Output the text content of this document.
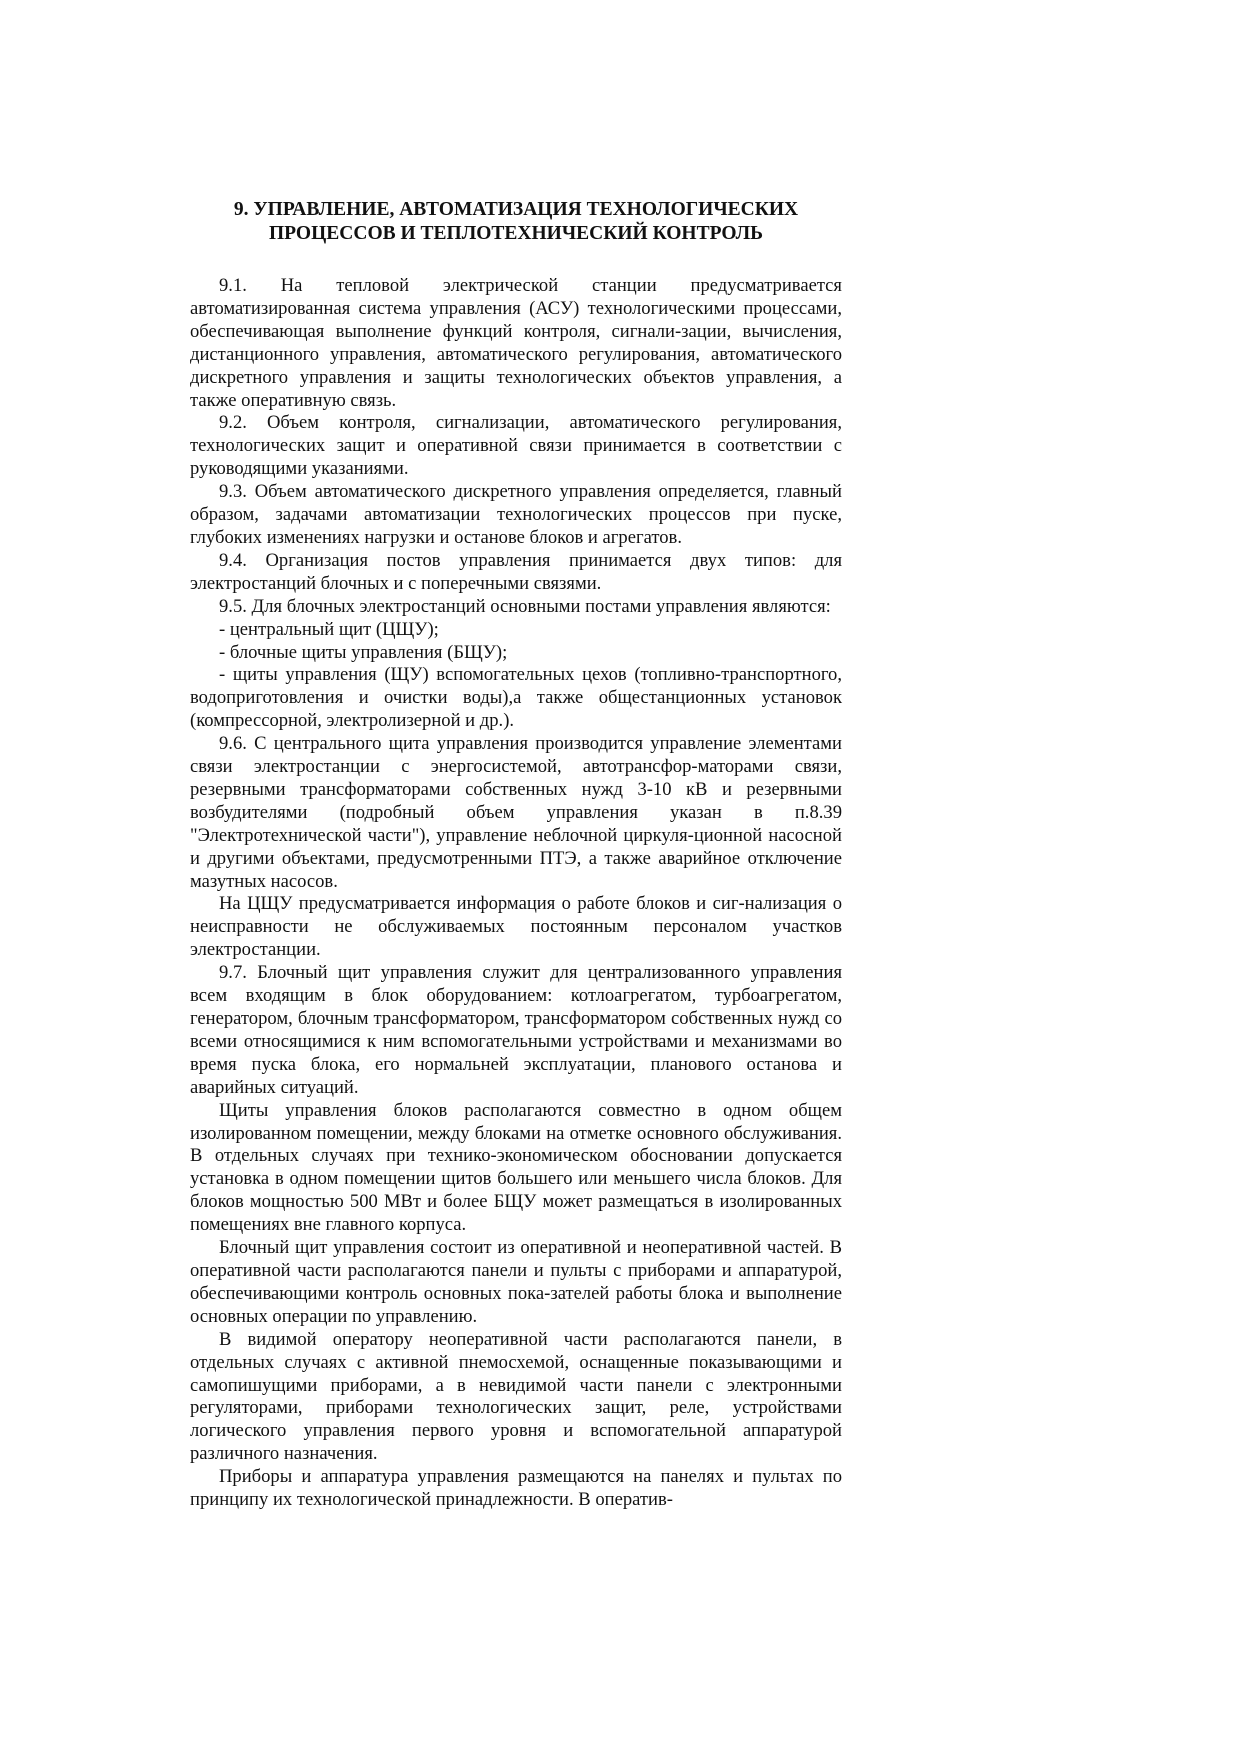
9. УПРАВЛЕНИЕ, АВТОМАТИЗАЦИЯ ТЕХНОЛОГИЧЕСКИХ
ПРОЦЕССОВ И ТЕПЛОТЕХНИЧЕСКИЙ КОНТРОЛЬ

9.1. На тепловой электрической станции предусматривается автоматизированная система управления (АСУ) технологическими процессами, обеспечивающая выполнение функций контроля, сигнали-зации, вычисления, дистанционного управления, автоматического регулирования, автоматического дискретного управления и защиты технологических объектов управления, а также оперативную связь.

9.2. Объем контроля, сигнализации, автоматического регулирования, технологических защит и оперативной связи принимается в соответствии с руководящими указаниями.

9.3. Объем автоматического дискретного управления определяется, главный образом, задачами автоматизации технологических процессов при пуске, глубоких изменениях нагрузки и останове блоков и агрегатов.

9.4. Организация постов управления принимается двух типов: для электростанций блочных и с поперечными связями.

9.5. Для блочных электростанций основными постами управления являются:

- центральный щит (ЦЩУ);

- блочные щиты управления (БЩУ);

- щиты управления (ЩУ) вспомогательных цехов (топливно-транспортного, водоприготовления и очистки воды),а также общестанционных установок (компрессорной, электролизерной и др.).

9.6. С центрального щита управления производится управление элементами связи электростанции с энергосистемой, автотрансфор-маторами связи, резервными трансформаторами собственных нужд 3-10 кВ и резервными возбудителями (подробный объем управления указан в п.8.39 "Электротехнической части"), управление неблочной циркуля-ционной насосной и другими объектами, предусмотренными ПТЭ, а также аварийное отключение мазутных насосов.

На ЦЩУ предусматривается информация о работе блоков и сиг-нализация о неисправности не обслуживаемых постоянным персоналом участков электростанции.

9.7. Блочный щит управления служит для централизованного управления всем входящим в блок оборудованием: котлоагрегатом, турбоагрегатом, генератором, блочным трансформатором, трансформатором собственных нужд со всеми относящимися к ним вспомогательными устройствами и механизмами во время пуска блока, его нормальней эксплуатации, планового останова и аварийных ситуаций.

Щиты управления блоков располагаются совместно в одном общем изолированном помещении, между блоками на отметке основного обслуживания. В отдельных случаях при технико-экономическом обосновании допускается установка в одном помещении щитов большего или меньшего числа блоков. Для блоков мощностью 500 МВт и более БЩУ может размещаться в изолированных помещениях вне главного корпуса.

Блочный щит управления состоит из оперативной и неоперативной частей. В оперативной части располагаются панели и пульты с приборами и аппаратурой, обеспечивающими контроль основных пока-зателей работы блока и выполнение основных операции по управлению.

В видимой оператору неоперативной части располагаются панели, в отдельных случаях с активной пнемосхемой, оснащенные показывающими и самопишущими приборами, а в невидимой части панели с электронными регуляторами, приборами технологических защит, реле, устройствами логического управления первого уровня и вспомогательной аппаратурой различного назначения.

Приборы и аппаратура управления размещаются на панелях и пультах по принципу их технологической принадлежности. В оператив-
